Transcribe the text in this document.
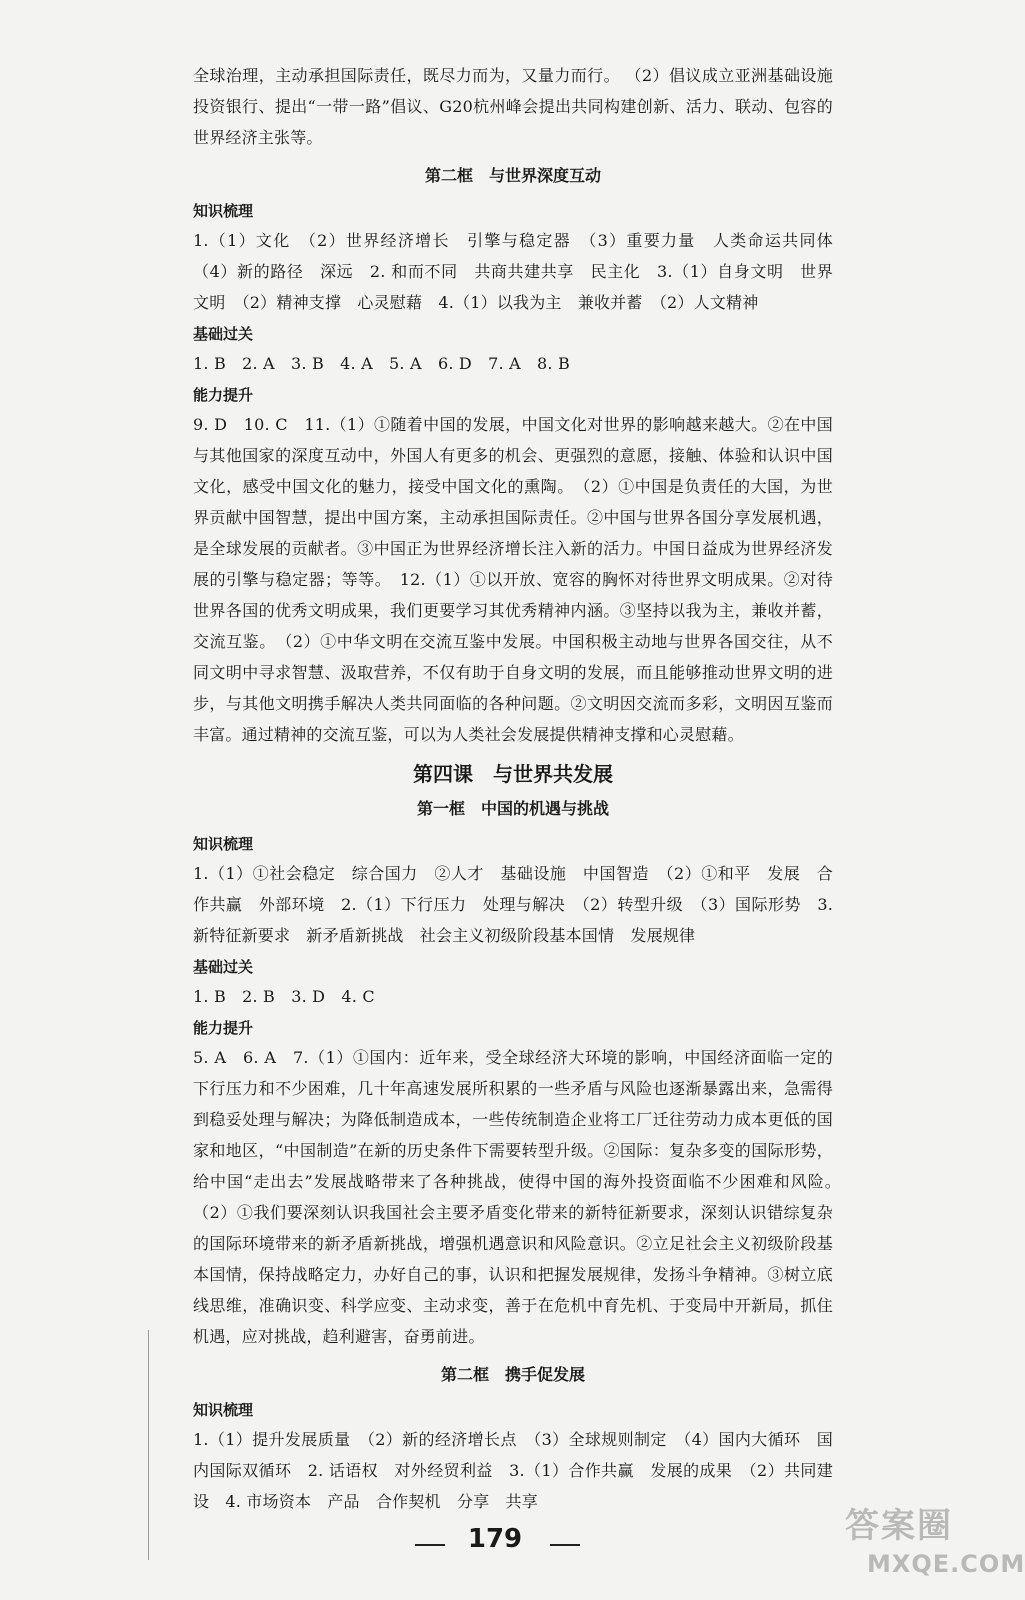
全球治理，主动承担国际责任，既尽力而为，又量力而行。 （2）倡议成立亚洲基础设施投资银行、提出“一带一路”倡议、G20杭州峰会提出共同构建创新、活力、联动、包容的世界经济主张等。

第二框　与世界深度互动
知识梳理

1.（1）文化　（2）世界经济增长　引擎与稳定器　（3）重要力量　人类命运共同体　（4）新的路径　深远　2. 和而不同　共商共建共享　民主化　3.（1）自身文明　世界文明　（2）精神支撑　心灵慰藉　4.（1）以我为主　兼收并蓄　（2）人文精神

基础过关

1. B　2. A　3. B　4. A　5. A　6. D　7. A　8. B

能力提升

9. D　10. C　11.（1）①随着中国的发展，中国文化对世界的影响越来越大。②在中国与其他国家的深度互动中，外国人有更多的机会、更强烈的意愿，接触、体验和认识中国文化，感受中国文化的魅力，接受中国文化的熏陶。　（2）①中国是负责任的大国，为世界贡献中国智慧，提出中国方案，主动承担国际责任。②中国与世界各国分享发展机遇，是全球发展的贡献者。③中国正为世界经济增长注入新的活力。中国日益成为世界经济发展的引擎与稳定器；等等。　12.（1）①以开放、宽容的胸怀对待世界文明成果。②对待世界各国的优秀文明成果，我们更要学习其优秀精神内涵。③坚持以我为主，兼收并蓄，交流互鉴。　（2）①中华文明在交流互鉴中发展。中国积极主动地与世界各国交往，从不同文明中寻求智慧、汲取营养，不仅有助于自身文明的发展，而且能够推动世界文明的进步，与其他文明携手解决人类共同面临的各种问题。②文明因交流而多彩，文明因互鉴而丰富。通过精神的交流互鉴，可以为人类社会发展提供精神支撑和心灵慰藉。

第四课　与世界共发展
第一框　中国的机遇与挑战
知识梳理

1.（1）①社会稳定　综合国力　②人才　基础设施　中国智造　（2）①和平　发展　合作共赢　外部环境　2.（1）下行压力　处理与解决　（2）转型升级　（3）国际形势　3. 新特征新要求　新矛盾新挑战　社会主义初级阶段基本国情　发展规律

基础过关

1. B　2. B　3. D　4. C

能力提升

5. A　6. A　7.（1）①国内：近年来，受全球经济大环境的影响，中国经济面临一定的下行压力和不少困难，几十年高速发展所积累的一些矛盾与风险也逐渐暴露出来，急需得到稳妥处理与解决；为降低制造成本，一些传统制造企业将工厂迁往劳动力成本更低的国家和地区，“中国制造”在新的历史条件下需要转型升级。②国际：复杂多变的国际形势，给中国“走出去”发展战略带来了各种挑战，使得中国的海外投资面临不少困难和风险。　（2）①我们要深刻认识我国社会主要矛盾变化带来的新特征新要求，深刻认识错综复杂的国际环境带来的新矛盾新挑战，增强机遇意识和风险意识。②立足社会主义初级阶段基本国情，保持战略定力，办好自己的事，认识和把握发展规律，发扬斗争精神。③树立底线思维，准确识变、科学应变、主动求变，善于在危机中育先机、于变局中开新局，抓住机遇，应对挑战，趋利避害，奋勇前进。

第二框　携手促发展
知识梳理

1.（1）提升发展质量　（2）新的经济增长点　（3）全球规则制定　（4）国内大循环　国内国际双循环　2. 话语权　对外经贸利益　3.（1）合作共赢　发展的成果　（2）共同建设　4. 市场资本　产品　合作契机　分享　共享

179	答案圈
MXQE.COM
